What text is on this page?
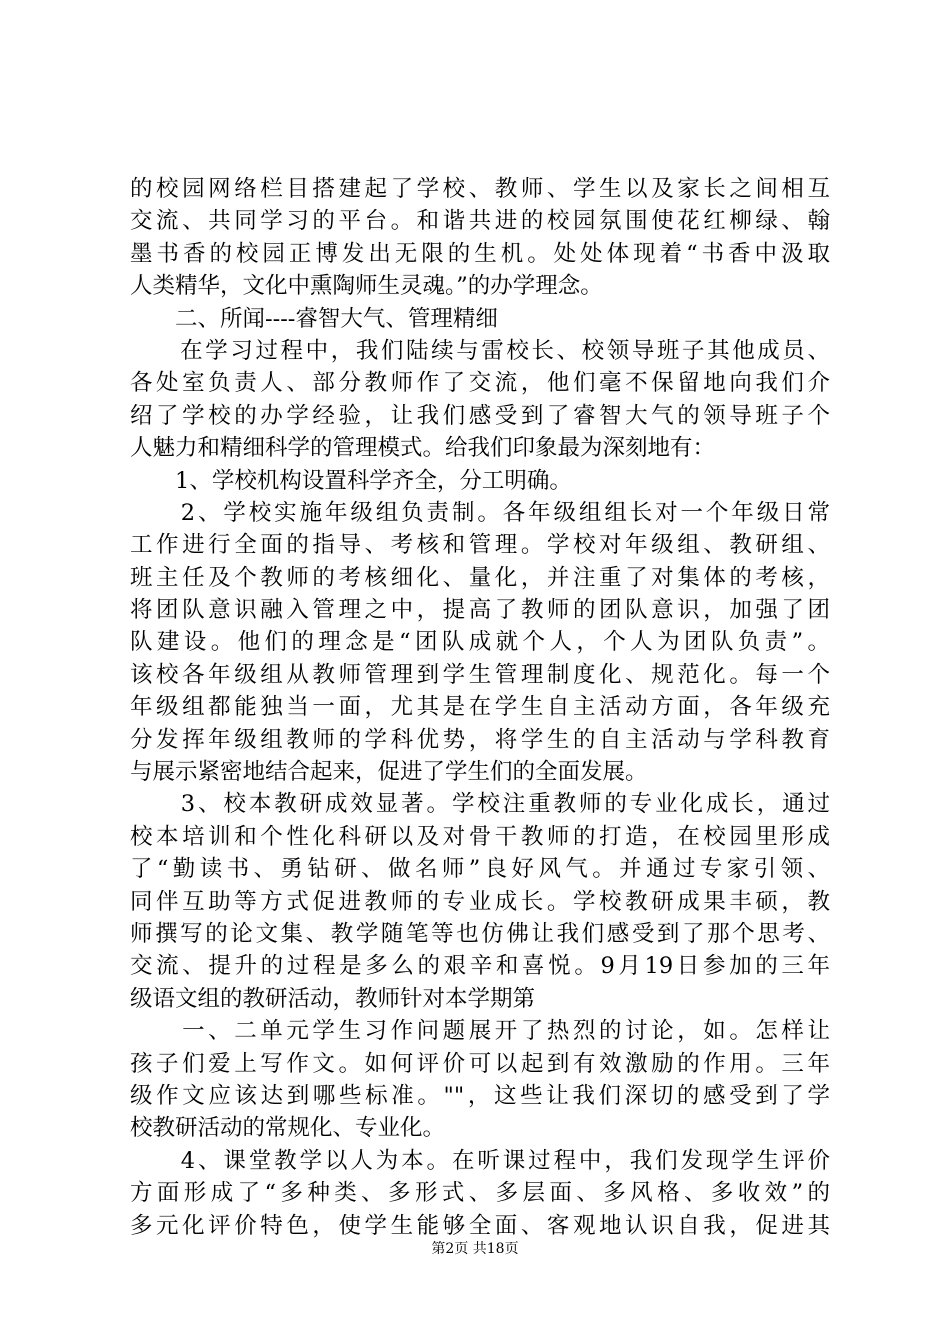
的校园网络栏目搭建起了学校、教师、学生以及家长之间相互
交流、共同学习的平台。和谐共进的校园氛围使花红柳绿、翰
墨书香的校园正博发出无限的生机。处处体现着“书香中汲取
人类精华，文化中熏陶师生灵魂。”的办学理念。
　　二、所闻----睿智大气、管理精细
　　在学习过程中，我们陆续与雷校长、校领导班子其他成员、
各处室负责人、部分教师作了交流，他们毫不保留地向我们介
绍了学校的办学经验，让我们感受到了睿智大气的领导班子个
人魅力和精细科学的管理模式。给我们印象最为深刻地有：
　　1、学校机构设置科学齐全，分工明确。
　　2、学校实施年级组负责制。各年级组组长对一个年级日常
工作进行全面的指导、考核和管理。学校对年级组、教研组、
班主任及个教师的考核细化、量化，并注重了对集体的考核，
将团队意识融入管理之中，提高了教师的团队意识，加强了团
队建设。他们的理念是“团队成就个人，个人为团队负责”。
该校各年级组从教师管理到学生管理制度化、规范化。每一个
年级组都能独当一面，尤其是在学生自主活动方面，各年级充
分发挥年级组教师的学科优势，将学生的自主活动与学科教育
与展示紧密地结合起来，促进了学生们的全面发展。
　　3、校本教研成效显著。学校注重教师的专业化成长，通过
校本培训和个性化科研以及对骨干教师的打造，在校园里形成
了“勤读书、勇钻研、做名师”良好风气。并通过专家引领、
同伴互助等方式促进教师的专业成长。学校教研成果丰硕，教
师撰写的论文集、教学随笔等也仿佛让我们感受到了那个思考、
交流、提升的过程是多么的艰辛和喜悦。9月19日参加的三年
级语文组的教研活动，教师针对本学期第
　　一、二单元学生习作问题展开了热烈的讨论，如。怎样让
孩子们爱上写作文。如何评价可以起到有效激励的作用。三年
级作文应该达到哪些标准。""，这些让我们深切的感受到了学
校教研活动的常规化、专业化。
　　4、课堂教学以人为本。在听课过程中，我们发现学生评价
方面形成了“多种类、多形式、多层面、多风格、多收效”的
多元化评价特色，使学生能够全面、客观地认识自我，促进其
第2页 共18页
